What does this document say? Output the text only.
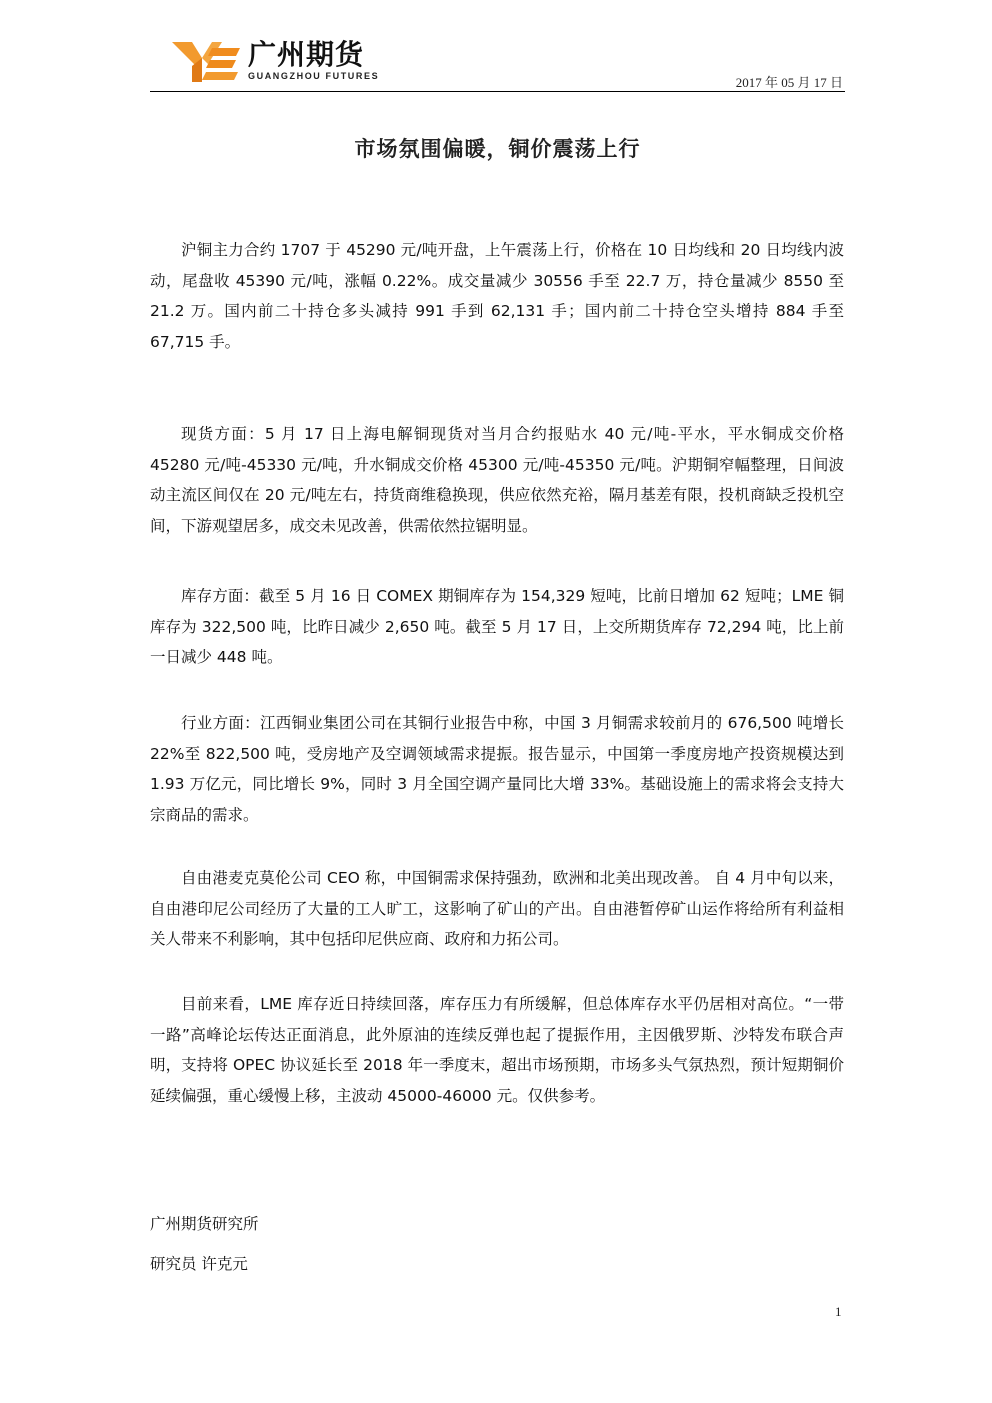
广州期货
GUANGZHOU FUTURES	2017 年 05 月 17 日
市场氛围偏暖，铜价震荡上行

沪铜主力合约 1707 于 45290 元/吨开盘，上午震荡上行，价格在 10 日均线和 20 日均线内波动，尾盘收 45390 元/吨，涨幅 0.22%。成交量减少 30556 手至 22.7 万，持仓量减少 8550 至 21.2 万。国内前二十持仓多头减持 991 手到 62,131 手；国内前二十持仓空头增持 884 手至 67,715 手。

现货方面：5 月 17 日上海电解铜现货对当月合约报贴水 40 元/吨-平水，平水铜成交价格 45280 元/吨-45330 元/吨，升水铜成交价格 45300 元/吨-45350 元/吨。沪期铜窄幅整理，日间波动主流区间仅在 20 元/吨左右，持货商维稳换现，供应依然充裕，隔月基差有限，投机商缺乏投机空间，下游观望居多，成交未见改善，供需依然拉锯明显。

库存方面：截至 5 月 16 日 COMEX 期铜库存为 154,329 短吨，比前日增加 62 短吨；LME 铜库存为 322,500 吨，比昨日减少 2,650 吨。截至 5 月 17 日，上交所期货库存 72,294 吨，比上前一日减少 448 吨。

行业方面：江西铜业集团公司在其铜行业报告中称，中国 3 月铜需求较前月的 676,500 吨增长 22%至 822,500 吨，受房地产及空调领域需求提振。报告显示，中国第一季度房地产投资规模达到 1.93 万亿元，同比增长 9%，同时 3 月全国空调产量同比大增 33%。基础设施上的需求将会支持大宗商品的需求。

自由港麦克莫伦公司 CEO 称，中国铜需求保持强劲，欧洲和北美出现改善。 自 4 月中旬以来，自由港印尼公司经历了大量的工人旷工，这影响了矿山的产出。自由港暂停矿山运作将给所有利益相关人带来不利影响，其中包括印尼供应商、政府和力拓公司。

目前来看，LME 库存近日持续回落，库存压力有所缓解，但总体库存水平仍居相对高位。“一带一路”高峰论坛传达正面消息，此外原油的连续反弹也起了提振作用，主因俄罗斯、沙特发布联合声明，支持将 OPEC 协议延长至 2018 年一季度末，超出市场预期，市场多头气氛热烈，预计短期铜价延续偏强，重心缓慢上移，主波动 45000-46000 元。仅供参考。

广州期货研究所
研究员 许克元
1
